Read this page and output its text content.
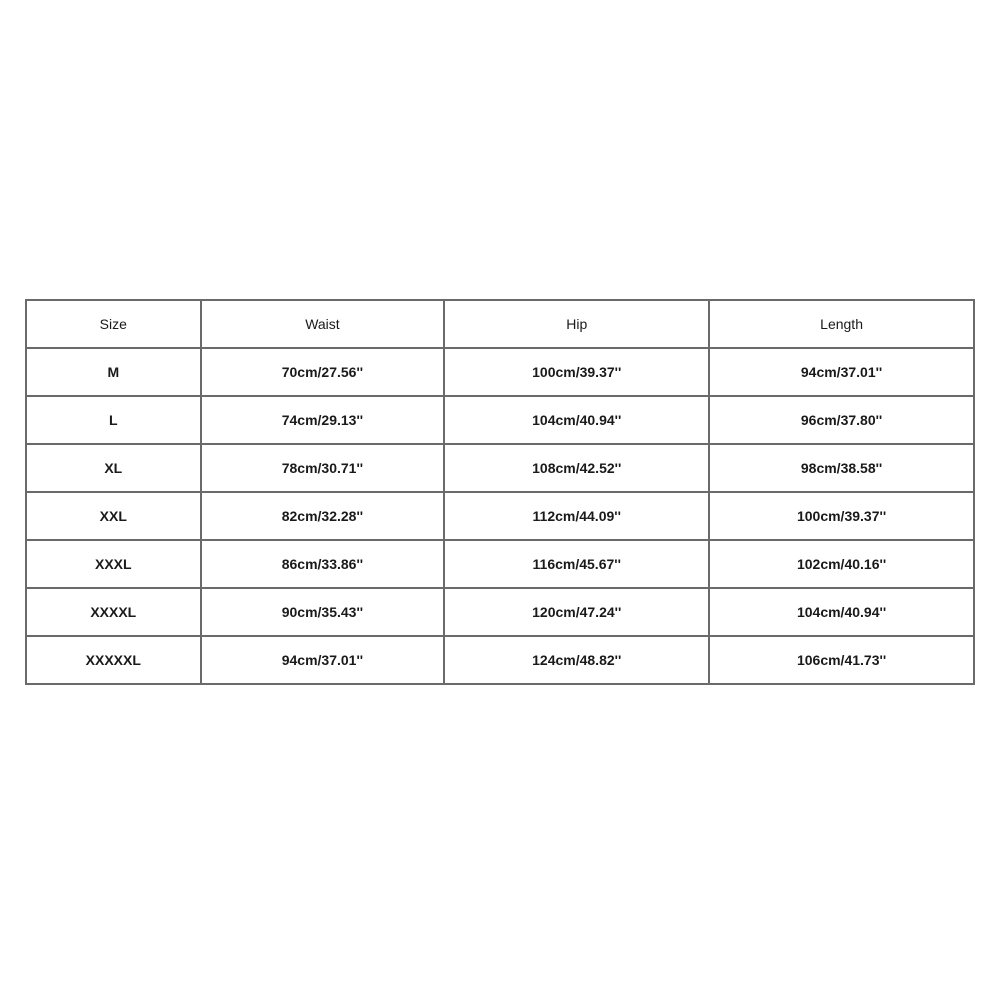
Size	Waist	Hip	Length
M	70cm/27.56''	100cm/39.37''	94cm/37.01''
L	74cm/29.13''	104cm/40.94''	96cm/37.80''
XL	78cm/30.71''	108cm/42.52''	98cm/38.58''
XXL	82cm/32.28''	112cm/44.09''	100cm/39.37''
XXXL	86cm/33.86''	116cm/45.67''	102cm/40.16''
XXXXL	90cm/35.43''	120cm/47.24''	104cm/40.94''
XXXXXL	94cm/37.01''	124cm/48.82''	106cm/41.73''
